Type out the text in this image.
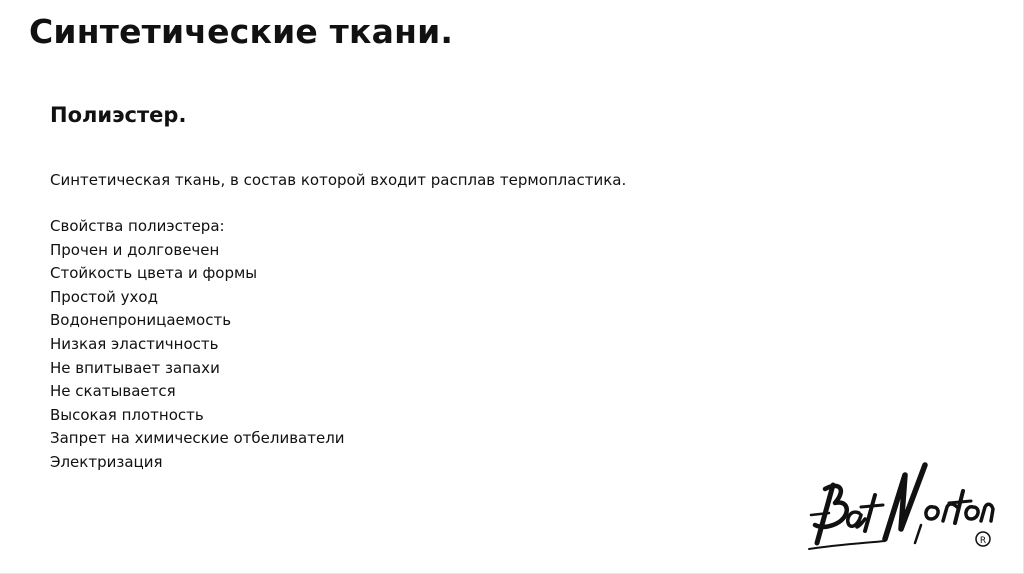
Синтетические ткани.
Полиэстер.

Синтетическая ткань, в состав которой входит расплав термопластика.

Свойства полиэстера:
Прочен и долговечен
Стойкость цвета и формы
Простой уход
Водонепроницаемость
Низкая эластичность
Не впитывает запахи
Не скатывается
Высокая плотность
Запрет на химические отбеливатели
Электризация
R
